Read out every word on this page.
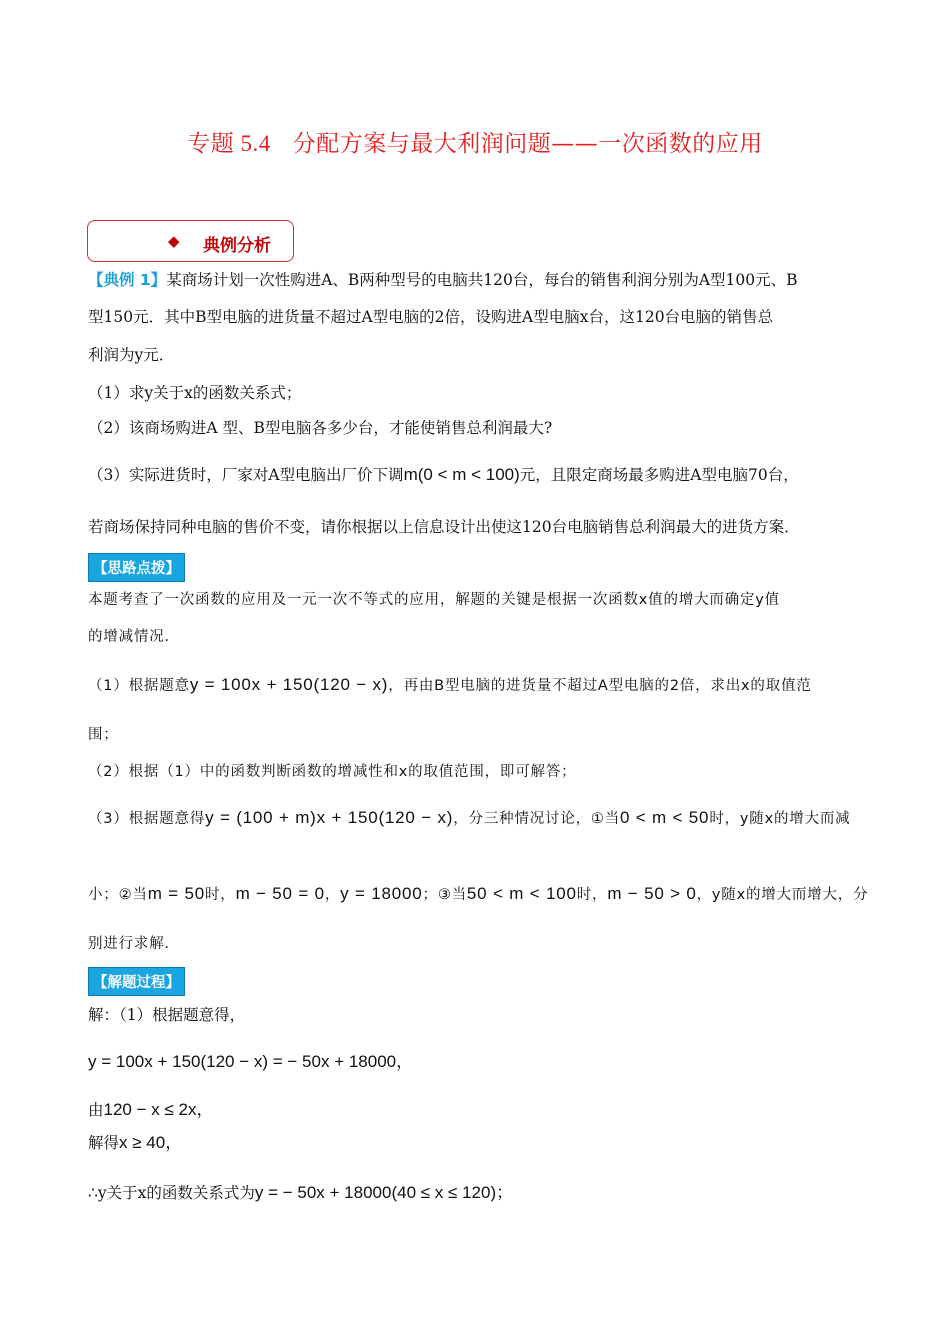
专题 5.4 分配方案与最大利润问题——一次函数的应用
◆ 典例分析
【典例 1】某商场计划一次性购进A、B两种型号的电脑共120台，每台的销售利润分别为A型100元、B
型150元．其中B型电脑的进货量不超过A型电脑的2倍，设购进A型电脑x台，这120台电脑的销售总
利润为y元．
（1）求y关于x的函数关系式；
（2）该商场购进A 型、B型电脑各多少台，才能使销售总利润最大?
（3）实际进货时，厂家对A型电脑出厂价下调m(0 < m < 100)元，且限定商场最多购进A型电脑70台，
若商场保持同种电脑的售价不变，请你根据以上信息设计出使这120台电脑销售总利润最大的进货方案．
【思路点拨】
本题考查了一次函数的应用及一元一次不等式的应用，解题的关键是根据一次函数x值的增大而确定y值
的增减情况．
（1）根据题意y = 100x + 150(120 − x)，再由B型电脑的进货量不超过A型电脑的2倍，求出x的取值范
围；
（2）根据（1）中的函数判断函数的增减性和x的取值范围，即可解答；
（3）根据题意得y = (100 + m)x + 150(120 − x)，分三种情况讨论，①当0 < m < 50时，y随x的增大而减
小；②当m = 50时，m − 50 = 0，y = 18000；③当50 < m < 100时，m − 50 > 0，y随x的增大而增大，分
别进行求解．
【解题过程】
解：（1）根据题意得，
y = 100x + 150(120 − x) = − 50x + 18000，
由120 − x ≤ 2x，
解得x ≥ 40，
∴y关于x的函数关系式为y = − 50x + 18000(40 ≤ x ≤ 120)；
